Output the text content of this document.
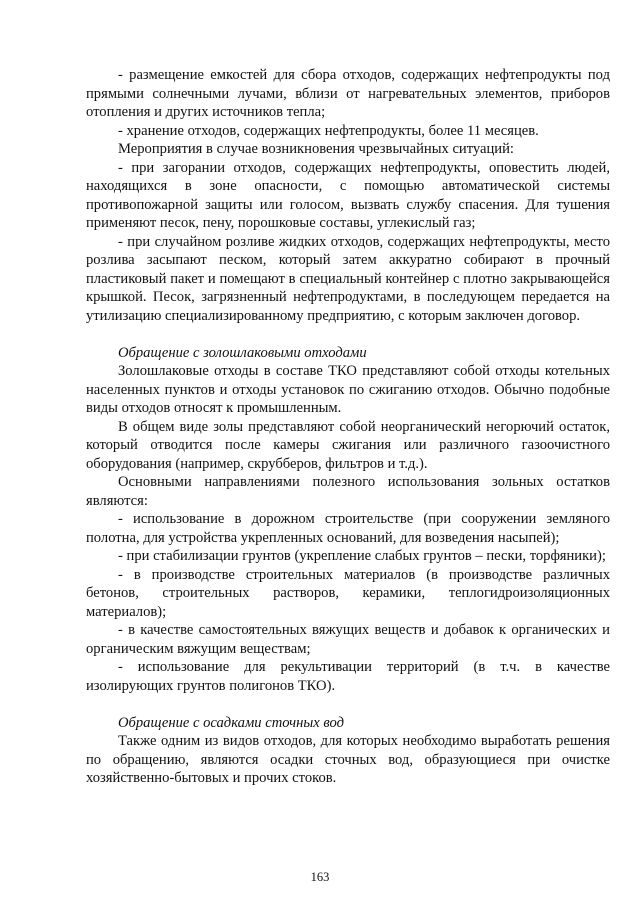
- размещение емкостей для сбора отходов, содержащих нефтепродукты под прямыми солнечными лучами, вблизи от нагревательных элементов, приборов отопления и других источников тепла;

- хранение отходов, содержащих нефтепродукты, более 11 месяцев.

Мероприятия в случае возникновения чрезвычайных ситуаций:

- при загорании отходов, содержащих нефтепродукты, оповестить людей, находящихся в зоне опасности, с помощью автоматической системы противопожарной защиты или голосом, вызвать службу спасения. Для тушения применяют песок, пену, порошковые составы, углекислый газ;

- при случайном розливе жидких отходов, содержащих нефтепродукты, место розлива засыпают песком, который затем аккуратно собирают в прочный пластиковый пакет и помещают в специальный контейнер с плотно закрывающейся крышкой. Песок, загрязненный нефтепродуктами, в последующем передается на утилизацию специализированному предприятию, с которым заключен договор.

Обращение с золошлаковыми отходами

Золошлаковые отходы в составе ТКО представляют собой отходы котельных населенных пунктов и отходы установок по сжиганию отходов. Обычно подобные виды отходов относят к промышленным.

В общем виде золы представляют собой неорганический негорючий остаток, который отводится после камеры сжигания или различного газоочистного оборудования (например, скрубберов, фильтров и т.д.).

Основными направлениями полезного использования зольных остатков являются:

- использование в дорожном строительстве (при сооружении земляного полотна, для устройства укрепленных оснований, для возведения насыпей);

- при стабилизации грунтов (укрепление слабых грунтов – пески, торфяники);

- в производстве строительных материалов (в производстве различных бетонов, строительных растворов, керамики, теплогидроизоляционных материалов);

- в качестве самостоятельных вяжущих веществ и добавок к органических и органическим вяжущим веществам;

- использование для рекультивации территорий (в т.ч. в качестве изолирующих грунтов полигонов ТКО).

Обращение с осадками сточных вод

Также одним из видов отходов, для которых необходимо выработать решения по обращению, являются осадки сточных вод, образующиеся при очистке хозяйственно-бытовых и прочих стоков.

163
